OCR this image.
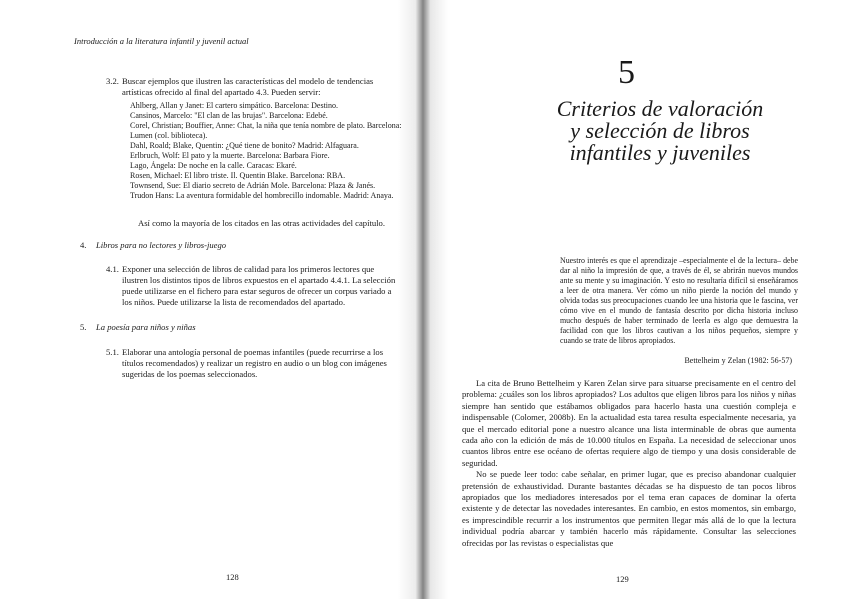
Introducción a la literatura infantil y juvenil actual
3.2. Buscar ejemplos que ilustren las características del modelo de tendencias artísticas ofrecido al final del apartado 4.3. Pueden servir:
Ahlberg, Allan y Janet: El cartero simpático. Barcelona: Destino.
Cansinos, Marcelo: "El clan de las brujas". Barcelona: Edebé.
Corel, Christian; Bouffier, Anne: Chat, la niña que tenía nombre de plato. Barcelona: Lumen (col. biblioteca).
Dahl, Roald; Blake, Quentin: ¿Qué tiene de bonito? Madrid: Alfaguara.
Erlbruch, Wolf: El pato y la muerte. Barcelona: Barbara Fiore.
Lago, Ángela: De noche en la calle. Caracas: Ekaré.
Rosen, Michael: El libro triste. Il. Quentin Blake. Barcelona: RBA.
Townsend, Sue: El diario secreto de Adrián Mole. Barcelona: Plaza & Janés.
Trudon Hans: La aventura formidable del hombrecillo indomable. Madrid: Anaya.
Así como la mayoría de los citados en las otras actividades del capítulo.
4. Libros para no lectores y libros-juego
4.1. Exponer una selección de libros de calidad para los primeros lectores que ilustren los distintos tipos de libros expuestos en el apartado 4.4.1. La selección puede utilizarse en el fichero para estar seguros de ofrecer un corpus variado a los niños. Puede utilizarse la lista de recomendados del apartado.
5. La poesía para niños y niñas
5.1. Elaborar una antología personal de poemas infantiles (puede recurrirse a los títulos recomendados) y realizar un registro en audio o un blog con imágenes sugeridas de los poemas seleccionados.
128
5
Criterios de valoración
y selección de libros
infantiles y juveniles
Nuestro interés es que el aprendizaje –especialmente el de la lectura– debe dar al niño la impresión de que, a través de él, se abrirán nuevos mundos ante su mente y su imaginación. Y esto no resultaría difícil si enseñáramos a leer de otra manera. Ver cómo un niño pierde la noción del mundo y olvida todas sus preocupaciones cuando lee una historia que le fascina, ver cómo vive en el mundo de fantasía descrito por dicha historia incluso mucho después de haber terminado de leerla es algo que demuestra la facilidad con que los libros cautivan a los niños pequeños, siempre y cuando se trate de libros apropiados.
Bettelheim y Zelan (1982: 56-57)

La cita de Bruno Bettelheim y Karen Zelan sirve para situarse precisamente en el centro del problema: ¿cuáles son los libros apropiados? Los adultos que eligen libros para los niños y niñas siempre han sentido que estábamos obligados para hacerlo hasta una cuestión compleja e indispensable (Colomer, 2008b). En la actualidad esta tarea resulta especialmente necesaria, ya que el mercado editorial pone a nuestro alcance una lista interminable de obras que aumenta cada año con la edición de más de 10.000 títulos en España. La necesidad de seleccionar unos cuantos libros entre ese océano de ofertas requiere algo de tiempo y una dosis considerable de seguridad.

No se puede leer todo: cabe señalar, en primer lugar, que es preciso abandonar cualquier pretensión de exhaustividad. Durante bastantes décadas se ha dispuesto de tan pocos libros apropiados que los mediadores interesados por el tema eran capaces de dominar la oferta existente y de detectar las novedades interesantes. En cambio, en estos momentos, sin embargo, es imprescindible recurrir a los instrumentos que permiten llegar más allá de lo que la lectura individual podría abarcar y también hacerlo más rápidamente. Consultar las selecciones ofrecidas por las revistas o especialistas que

129
